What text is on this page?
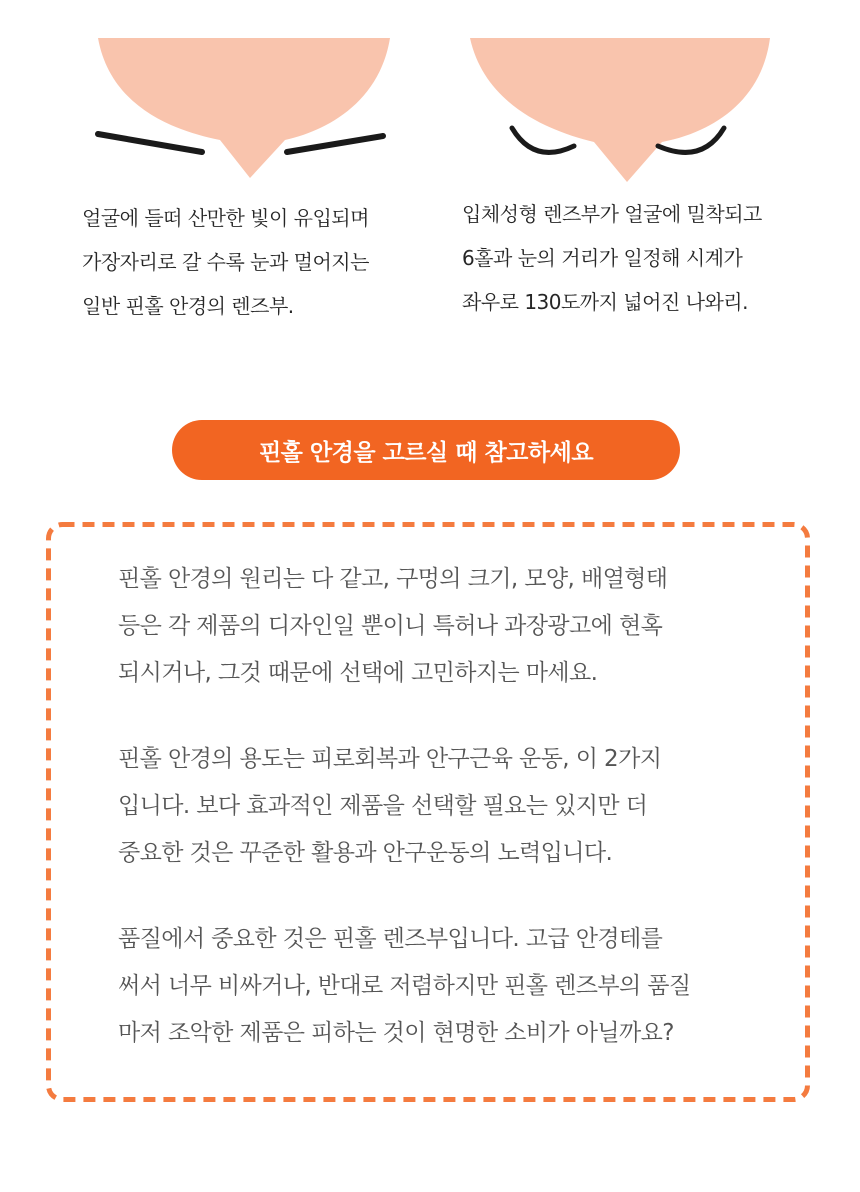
얼굴에 들떠 산만한 빛이 유입되며
가장자리로 갈 수록 눈과 멀어지는
일반 핀홀 안경의 렌즈부.

입체성형 렌즈부가 얼굴에 밀착되고
6홀과 눈의 거리가 일정해 시계가
좌우로 130도까지 넓어진 나와리.

핀홀 안경을 고르실 때 참고하세요

핀홀 안경의 원리는 다 같고, 구멍의 크기, 모양, 배열형태
등은 각 제품의 디자인일 뿐이니 특허나 과장광고에 현혹
되시거나, 그것 때문에 선택에 고민하지는 마세요.

핀홀 안경의 용도는 피로회복과 안구근육 운동, 이 2가지
입니다. 보다 효과적인 제품을 선택할 필요는 있지만 더
중요한 것은 꾸준한 활용과 안구운동의 노력입니다.

품질에서 중요한 것은 핀홀 렌즈부입니다. 고급 안경테를
써서 너무 비싸거나, 반대로 저렴하지만 핀홀 렌즈부의 품질
마저 조악한 제품은 피하는 것이 현명한 소비가 아닐까요?
